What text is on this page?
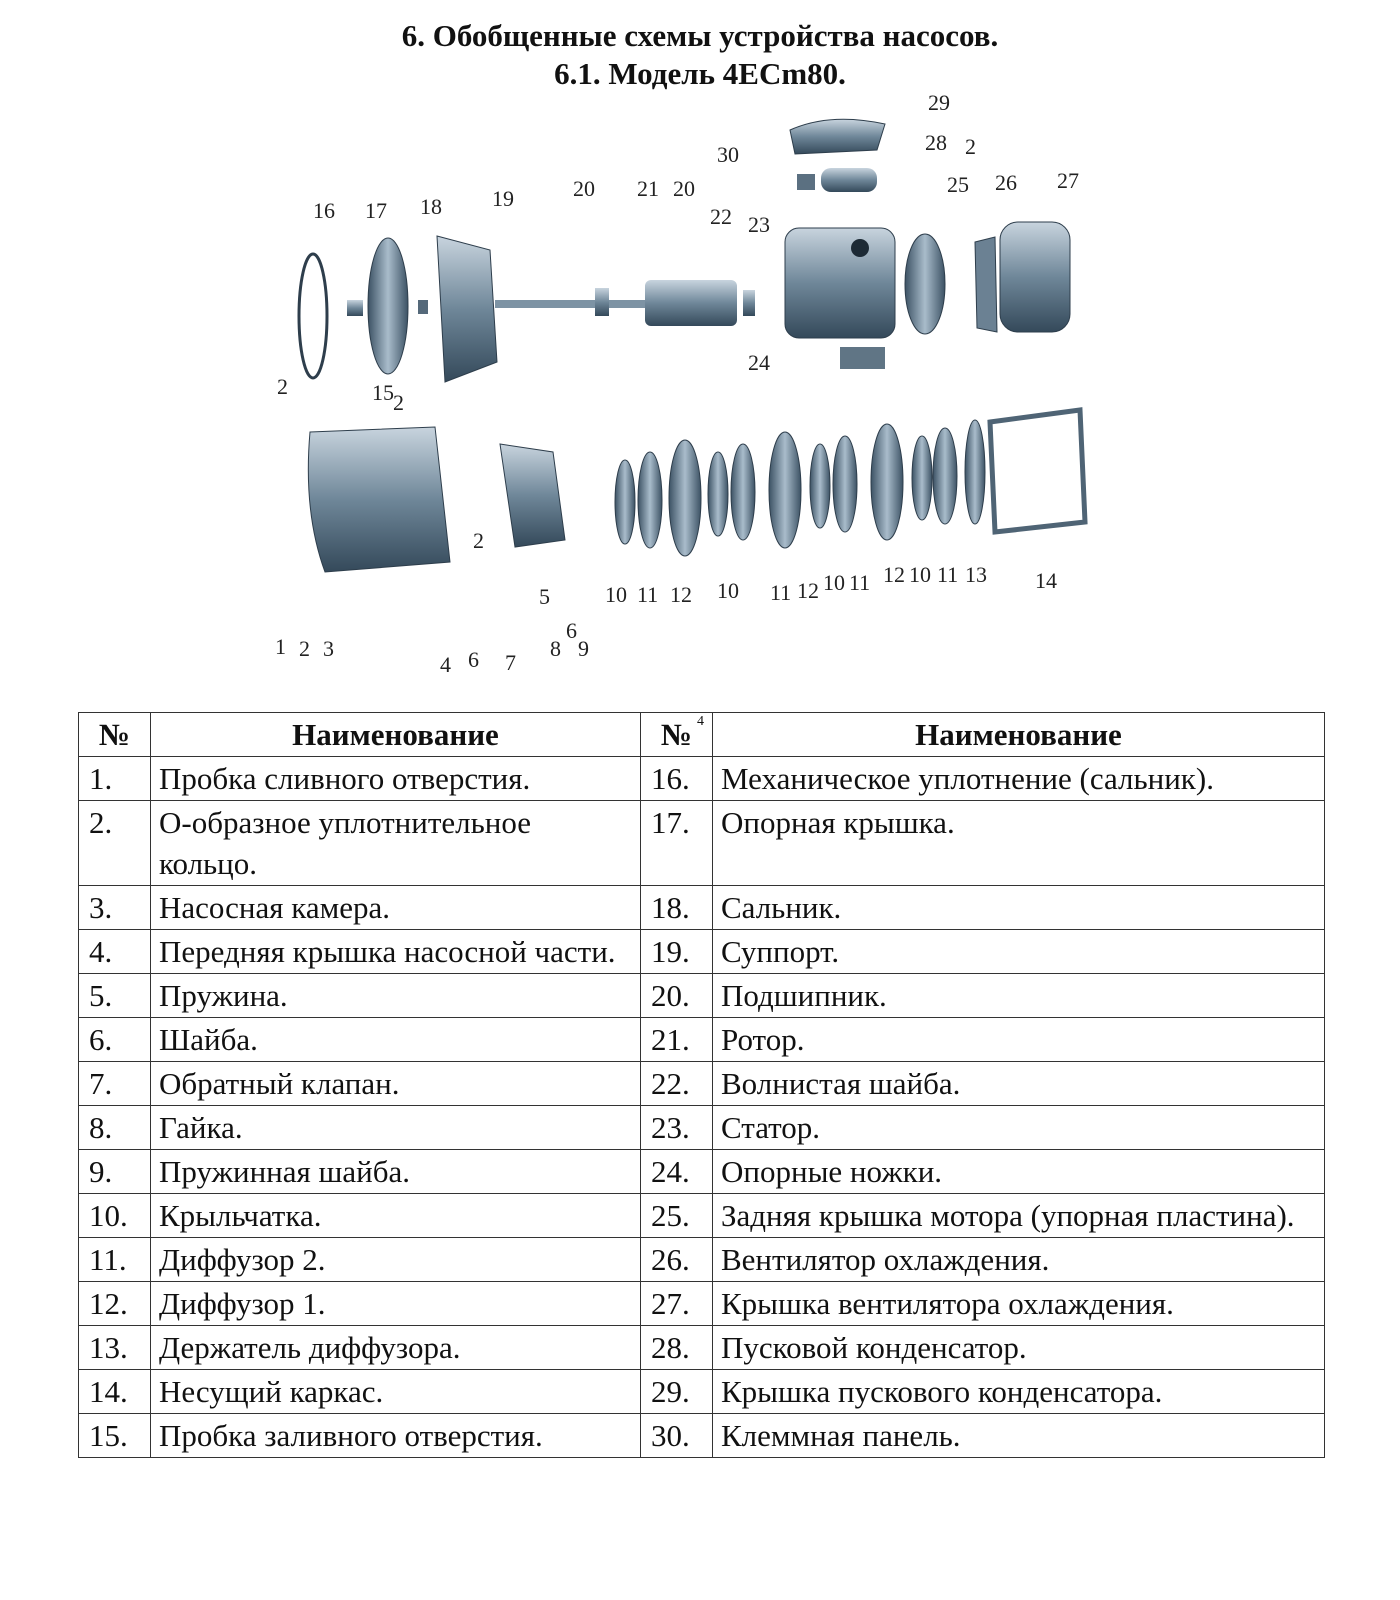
6. Обобщенные схемы устройства насосов.
6.1. Модель 4ECm80.
29
30	28 2
20 21 20
22 23
25 26 27
16 17 18 19
2
24
15 2
2
1 2 3
4
5
6 7
8
6
9
10 11 12 10 11 12 10 11 12 10 11 13 14
№	Наименование	№	Наименование
1.	Пробка сливного отверстия.	16.	Механическое уплотнение (сальник).
2.	О-образное уплотнительное кольцо.	17.	Опорная крышка.
3.	Насосная камера.	18.	Сальник.
4.	Передняя крышка насосной части.	19.	Суппорт.
5.	Пружина.	20.	Подшипник.
6.	Шайба.	21.	Ротор.
7.	Обратный клапан.	22.	Волнистая шайба.
8.	Гайка.	23.	Статор.
9.	Пружинная шайба.	24.	Опорные ножки.
10.	Крыльчатка.	25.	Задняя крышка мотора (упорная пластина).
11.	Диффузор 2.	26.	Вентилятор охлаждения.
12.	Диффузор 1.	27.	Крышка вентилятора охлаждения.
13.	Держатель диффузора.	28.	Пусковой конденсатор.
14.	Несущий каркас.	29.	Крышка пускового конденсатора.
15.	Пробка заливного отверстия.	30.	Клеммная панель.
4
